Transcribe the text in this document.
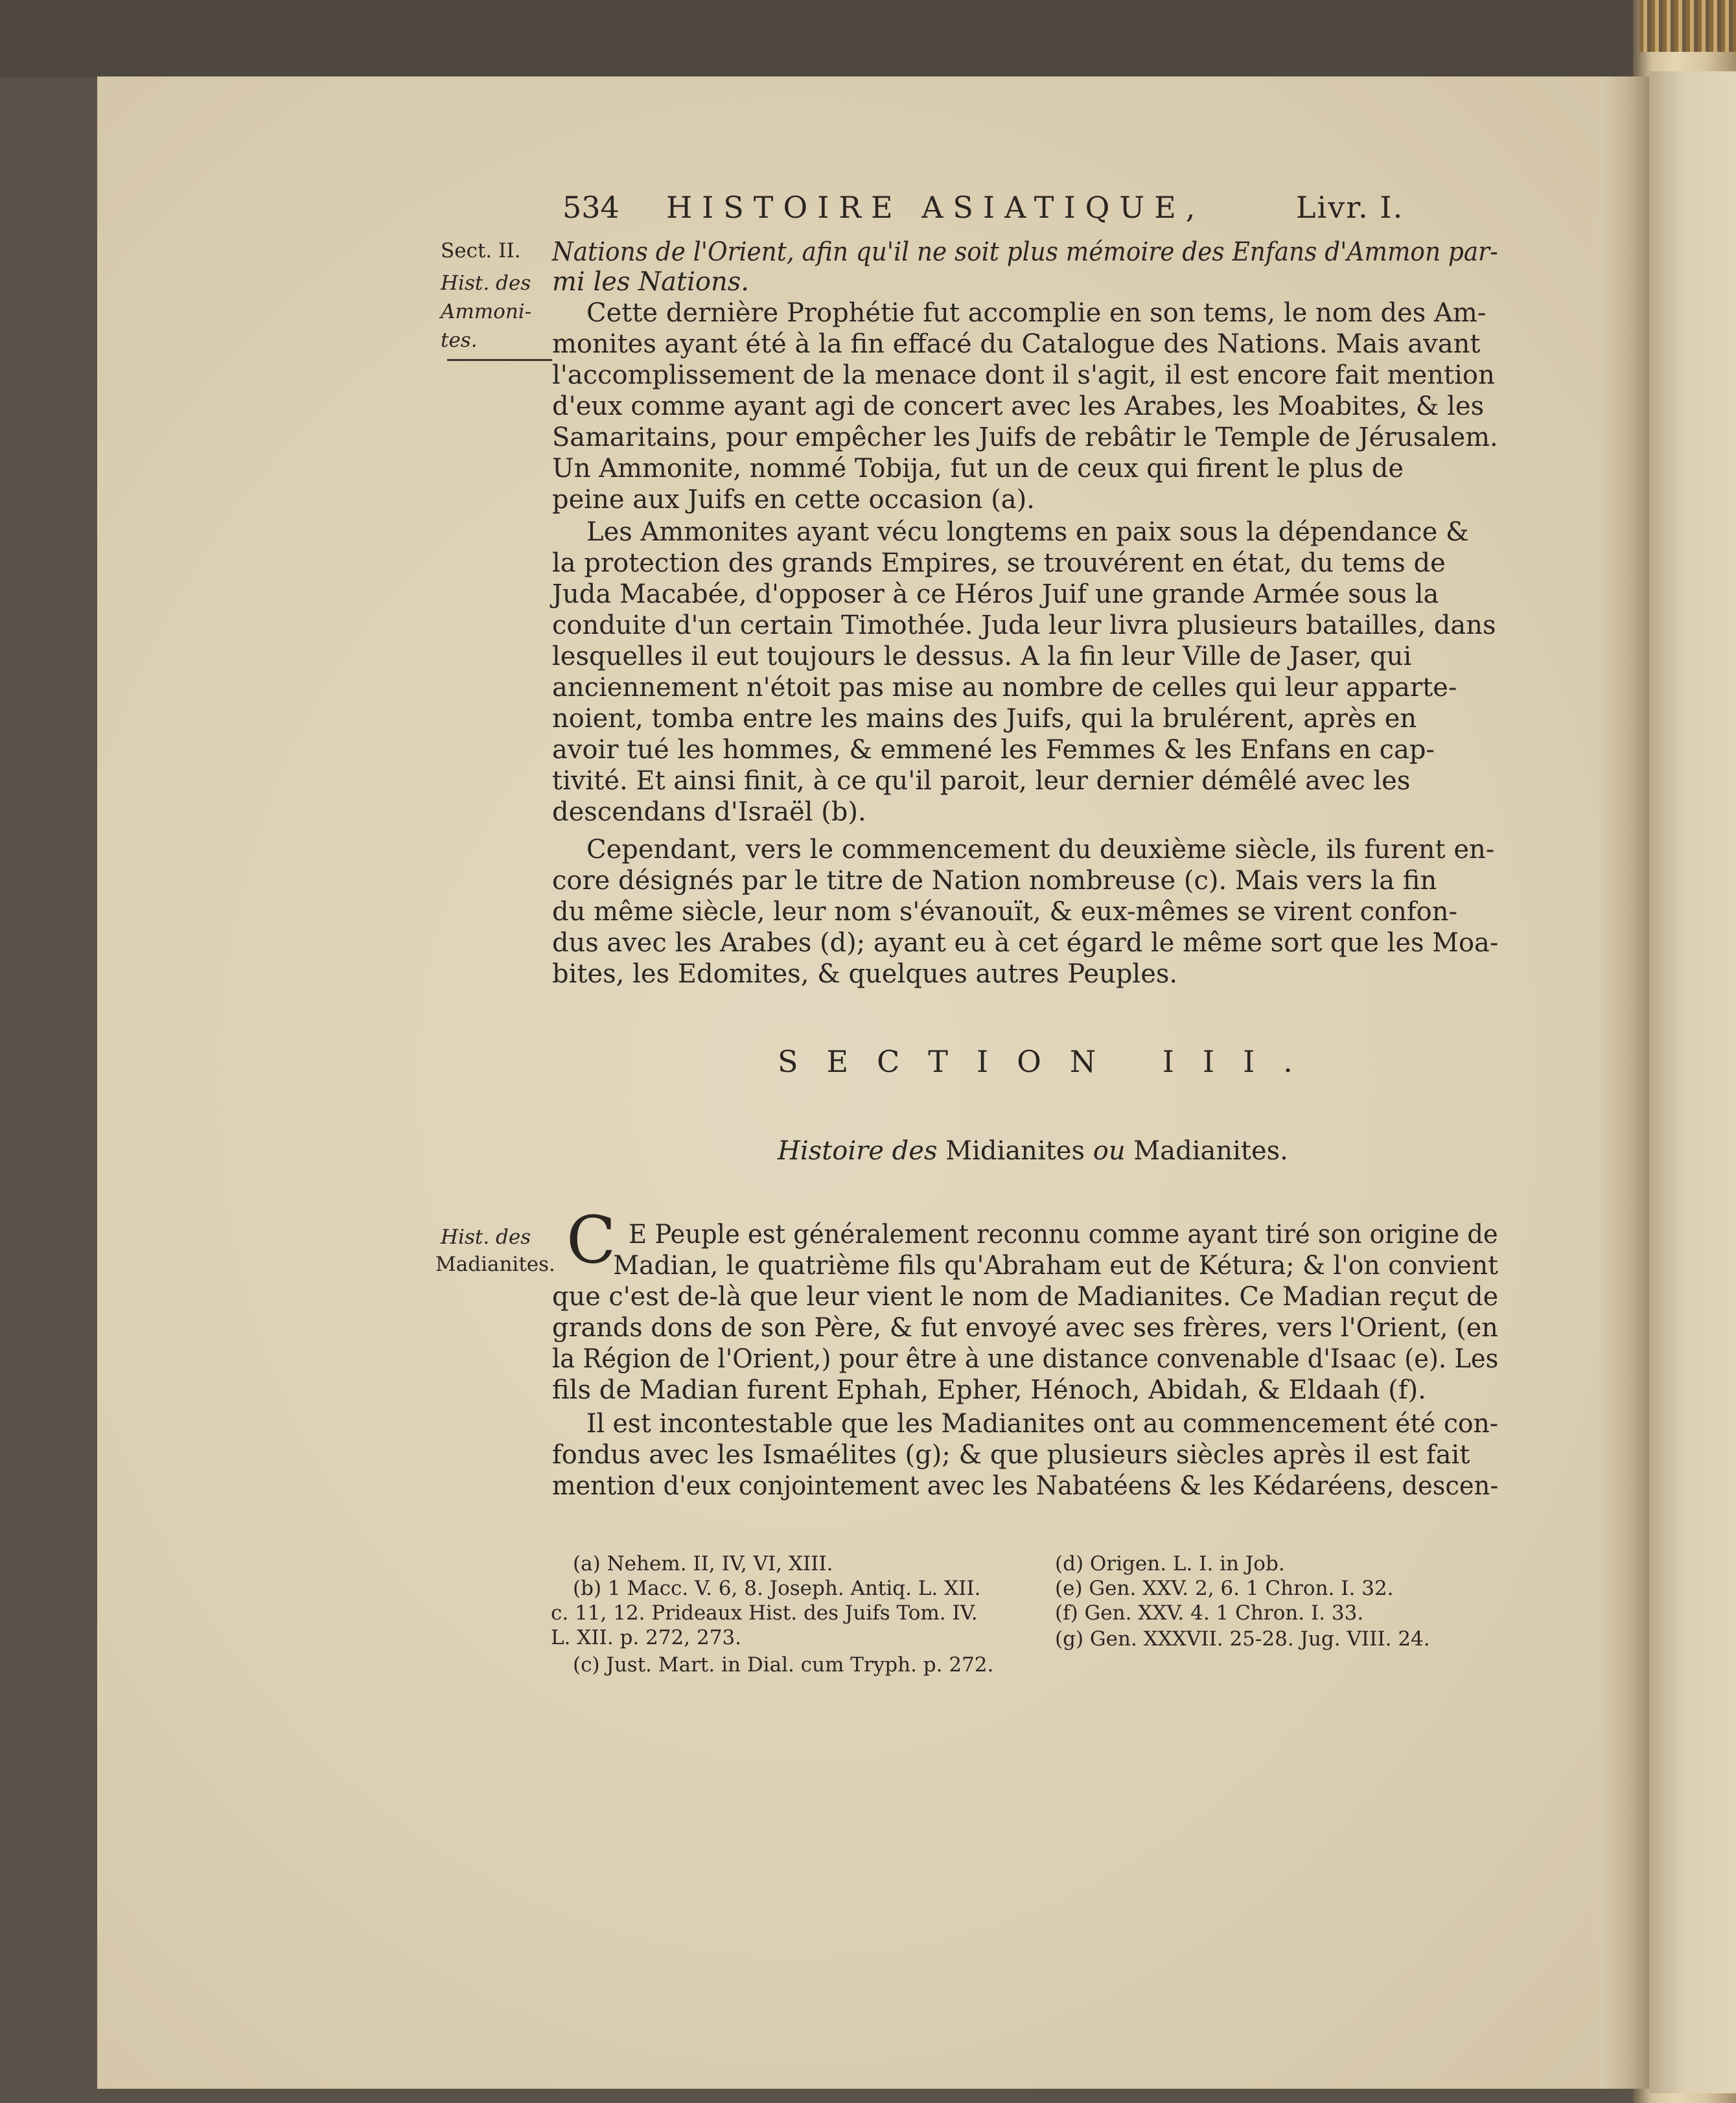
534 HISTOIRE ASIATIQUE,	Livr. I.
Sect. II.
Hist. des
Ammoni-
tes.
Nations de l'Orient, afin qu'il ne soit plus mémoire des Enfans d'Ammon par-
mi les Nations.
Cette dernière Prophétie fut accomplie en son tems, le nom des Am-
monites ayant été à la fin effacé du Catalogue des Nations. Mais avant
l'accomplissement de la menace dont il s'agit, il est encore fait mention
d'eux comme ayant agi de concert avec les Arabes, les Moabites, & les
Samaritains, pour empêcher les Juifs de rebâtir le Temple de Jérusalem.
Un Ammonite, nommé Tobija, fut un de ceux qui firent le plus de
peine aux Juifs en cette occasion (a).
Les Ammonites ayant vécu longtems en paix sous la dépendance &
la protection des grands Empires, se trouvérent en état, du tems de
Juda Macabée, d'opposer à ce Héros Juif une grande Armée sous la
conduite d'un certain Timothée. Juda leur livra plusieurs batailles, dans
lesquelles il eut toujours le dessus. A la fin leur Ville de Jaser, qui
anciennement n'étoit pas mise au nombre de celles qui leur apparte-
noient, tomba entre les mains des Juifs, qui la brulérent, après en
avoir tué les hommes, & emmené les Femmes & les Enfans en cap-
tivité. Et ainsi finit, à ce qu'il paroit, leur dernier démêlé avec les
descendans d'Israël (b).
Cependant, vers le commencement du deuxième siècle, ils furent en-
core désignés par le titre de Nation nombreuse (c). Mais vers la fin
du même siècle, leur nom s'évanouït, & eux-mêmes se virent confon-
dus avec les Arabes (d); ayant eu à cet égard le même sort que les Moa-
bites, les Edomites, & quelques autres Peuples.
SECTION III.
Histoire des Midianites ou Madianites.
Hist. des
Madianites. C E Peuple est généralement reconnu comme ayant tiré son origine de
Madian, le quatrième fils qu'Abraham eut de Kétura; & l'on convient
que c'est de-là que leur vient le nom de Madianites. Ce Madian reçut de
grands dons de son Père, & fut envoyé avec ses frères, vers l'Orient, (en
la Région de l'Orient,) pour être à une distance convenable d'Isaac (e). Les
fils de Madian furent Ephah, Epher, Hénoch, Abidah, & Eldaah (f).
Il est incontestable que les Madianites ont au commencement été con-
fondus avec les Ismaélites (g); & que plusieurs siècles après il est fait
mention d'eux conjointement avec les Nabatéens & les Kédaréens, descen-
(a) Nehem. II, IV, VI, XIII.
(b) 1 Macc. V. 6, 8. Joseph. Antiq. L. XII.
c. 11, 12. Prideaux Hist. des Juifs Tom. IV.
L. XII. p. 272, 273.
(c) Just. Mart. in Dial. cum Tryph. p. 272.
(d) Origen. L. I. in Job.
(e) Gen. XXV. 2, 6. 1 Chron. I. 32.
(f) Gen. XXV. 4. 1 Chron. I. 33.
(g) Gen. XXXVII. 25-28. Jug. VIII. 24.
